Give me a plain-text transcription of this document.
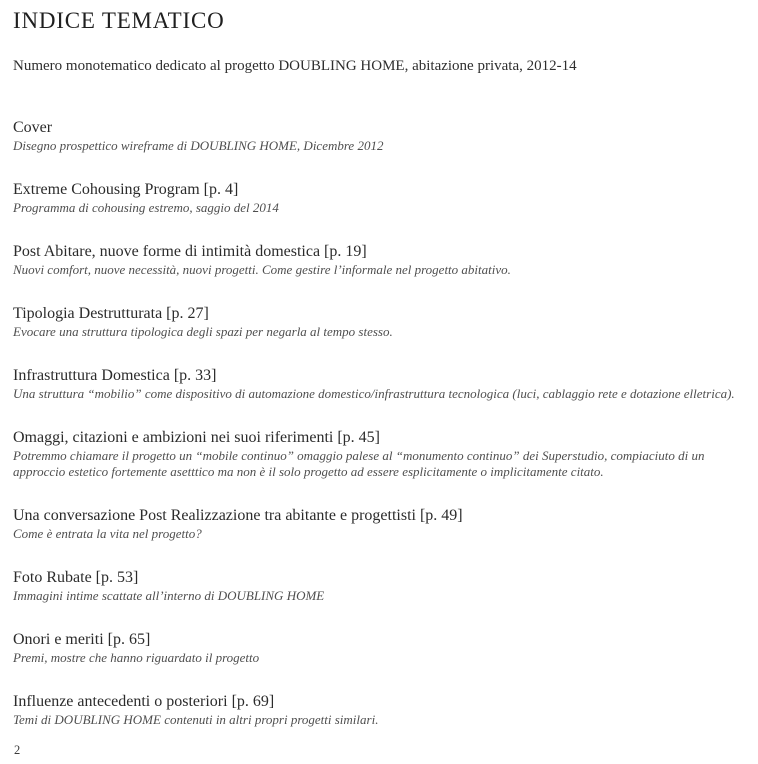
INDICE TEMATICO

Numero monotematico dedicato al progetto DOUBLING HOME, abitazione privata, 2012-14

Cover

Disegno prospettico wireframe di DOUBLING HOME, Dicembre 2012

Extreme Cohousing Program [p. 4]

Programma di cohousing estremo, saggio del 2014

Post Abitare, nuove forme di intimità domestica [p. 19]

Nuovi comfort, nuove necessità, nuovi progetti. Come gestire l’informale nel progetto abitativo.

Tipologia Destrutturata [p. 27]

Evocare una struttura tipologica degli spazi per negarla al tempo stesso.

Infrastruttura Domestica [p. 33]

Una struttura “mobilio” come dispositivo di automazione domestico/infrastruttura tecnologica (luci, cablaggio rete e dotazione elletrica).

Omaggi, citazioni e ambizioni nei suoi riferimenti [p. 45]

Potremmo chiamare il progetto un “mobile continuo” omaggio palese al “monumento continuo” dei Superstudio, compiaciuto di un approccio estetico fortemente asetttico ma non è il solo progetto ad essere esplicitamente o implicitamente citato.

Una conversazione Post Realizzazione tra abitante e progettisti [p. 49]

Come è entrata la vita nel progetto?

Foto Rubate [p. 53]

Immagini intime scattate all’interno di DOUBLING HOME

Onori e meriti [p. 65]

Premi, mostre che hanno riguardato il progetto

Influenze antecedenti o posteriori [p. 69]

Temi di DOUBLING HOME contenuti in altri propri progetti similari.

2
